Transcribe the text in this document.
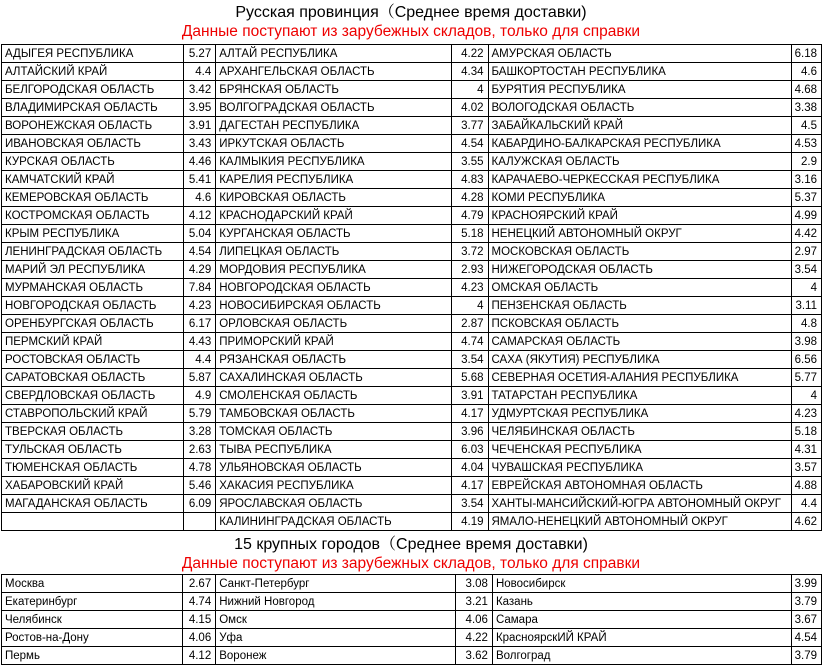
Русская провинция（Среднее время доставки)
Данные поступают из зарубежных складов, только для справки
АДЫГЕЯ РЕСПУБЛИКА	5.27	АЛТАЙ РЕСПУБЛИКА	4.22	АМУРСКАЯ ОБЛАСТЬ	6.18
АЛТАЙСКИЙ КРАЙ	4.4	АРХАНГЕЛЬСКАЯ ОБЛАСТЬ	4.34	БАШКОРТОСТАН РЕСПУБЛИКА	4.6
БЕЛГОРОДСКАЯ ОБЛАСТЬ	3.42	БРЯНСКАЯ ОБЛАСТЬ	4	БУРЯТИЯ РЕСПУБЛИКА	4.68
ВЛАДИМИРСКАЯ ОБЛАСТЬ	3.95	ВОЛГОГРАДСКАЯ ОБЛАСТЬ	4.02	ВОЛОГОДСКАЯ ОБЛАСТЬ	3.38
ВОРОНЕЖСКАЯ ОБЛАСТЬ	3.91	ДАГЕСТАН РЕСПУБЛИКА	3.77	ЗАБАЙКАЛЬСКИЙ КРАЙ	4.5
ИВАНОВСКАЯ ОБЛАСТЬ	3.43	ИРКУТСКАЯ ОБЛАСТЬ	4.54	КАБАРДИНО-БАЛКАРСКАЯ РЕСПУБЛИКА	4.53
КУРСКАЯ ОБЛАСТЬ	4.46	КАЛМЫКИЯ РЕСПУБЛИКА	3.55	КАЛУЖСКАЯ ОБЛАСТЬ	2.9
КАМЧАТСКИЙ КРАЙ	5.41	КАРЕЛИЯ РЕСПУБЛИКА	4.83	КАРАЧАЕВО-ЧЕРКЕССКАЯ РЕСПУБЛИКА	3.16
КЕМЕРОВСКАЯ ОБЛАСТЬ	4.6	КИРОВСКАЯ ОБЛАСТЬ	4.28	КОМИ РЕСПУБЛИКА	5.37
КОСТРОМСКАЯ ОБЛАСТЬ	4.12	КРАСНОДАРСКИЙ КРАЙ	4.79	КРАСНОЯРСКИЙ КРАЙ	4.99
КРЫМ РЕСПУБЛИКА	5.04	КУРГАНСКАЯ ОБЛАСТЬ	5.18	НЕНЕЦКИЙ АВТОНОМНЫЙ ОКРУГ	4.42
ЛЕНИНГРАДСКАЯ ОБЛАСТЬ	4.54	ЛИПЕЦКАЯ ОБЛАСТЬ	3.72	МОСКОВСКАЯ ОБЛАСТЬ	2.97
МАРИЙ ЭЛ РЕСПУБЛИКА	4.29	МОРДОВИЯ РЕСПУБЛИКА	2.93	НИЖЕГОРОДСКАЯ ОБЛАСТЬ	3.54
МУРМАНСКАЯ ОБЛАСТЬ	7.84	НОВГОРОДСКАЯ ОБЛАСТЬ	4.23	ОМСКАЯ ОБЛАСТЬ	4
НОВГОРОДСКАЯ ОБЛАСТЬ	4.23	НОВОСИБИРСКАЯ ОБЛАСТЬ	4	ПЕНЗЕНСКАЯ ОБЛАСТЬ	3.11
ОРЕНБУРГСКАЯ ОБЛАСТЬ	6.17	ОРЛОВСКАЯ ОБЛАСТЬ	2.87	ПСКОВСКАЯ ОБЛАСТЬ	4.8
ПЕРМСКИЙ КРАЙ	4.43	ПРИМОРСКИЙ КРАЙ	4.74	САМАРСКАЯ ОБЛАСТЬ	3.98
РОСТОВСКАЯ ОБЛАСТЬ	4.4	РЯЗАНСКАЯ ОБЛАСТЬ	3.54	САХА (ЯКУТИЯ) РЕСПУБЛИКА	6.56
САРАТОВСКАЯ ОБЛАСТЬ	5.87	САХАЛИНСКАЯ ОБЛАСТЬ	5.68	СЕВЕРНАЯ ОСЕТИЯ-АЛАНИЯ РЕСПУБЛИКА	5.77
СВЕРДЛОВСКАЯ ОБЛАСТЬ	4.9	СМОЛЕНСКАЯ ОБЛАСТЬ	3.91	ТАТАРСТАН РЕСПУБЛИКА	4
СТАВРОПОЛЬСКИЙ КРАЙ	5.79	ТАМБОВСКАЯ ОБЛАСТЬ	4.17	УДМУРТСКАЯ РЕСПУБЛИКА	4.23
ТВЕРСКАЯ ОБЛАСТЬ	3.28	ТОМСКАЯ ОБЛАСТЬ	3.96	ЧЕЛЯБИНСКАЯ ОБЛАСТЬ	5.18
ТУЛЬСКАЯ ОБЛАСТЬ	2.63	ТЫВА РЕСПУБЛИКА	6.03	ЧЕЧЕНСКАЯ РЕСПУБЛИКА	4.31
ТЮМЕНСКАЯ ОБЛАСТЬ	4.78	УЛЬЯНОВСКАЯ ОБЛАСТЬ	4.04	ЧУВАШСКАЯ РЕСПУБЛИКА	3.57
ХАБАРОВСКИЙ КРАЙ	5.46	ХАКАСИЯ РЕСПУБЛИКА	4.17	ЕВРЕЙСКАЯ АВТОНОМНАЯ ОБЛАСТЬ	4.88
МАГАДАНСКАЯ ОБЛАСТЬ	6.09	ЯРОСЛАВСКАЯ ОБЛАСТЬ	3.54	ХАНТЫ-МАНСИЙСКИЙ-ЮГРА АВТОНОМНЫЙ ОКРУГ	4.4
		КАЛИНИНГРАДСКАЯ ОБЛАСТЬ	4.19	ЯМАЛО-НЕНЕЦКИЙ АВТОНОМНЫЙ ОКРУГ	4.62
15 крупных городов（Среднее время доставки)
Данные поступают из зарубежных складов, только для справки
Москва	2.67	Санкт-Петербург	3.08	Новосибирск	3.99
Екатеринбург	4.74	Нижний Новгород	3.21	Казань	3.79
Челябинск	4.15	Омск	4.06	Самара	3.67
Ростов-на-Дону	4.06	Уфа	4.22	КрасноярскИЙ КРАЙ	4.54
Пермь	4.12	Воронеж	3.62	Волгоград	3.79
